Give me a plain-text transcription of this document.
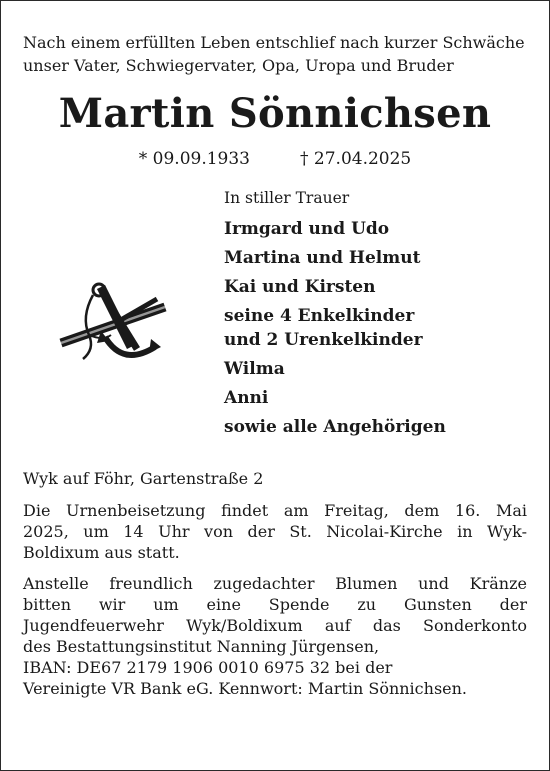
Nach einem erfüllten Leben entschlief nach kurzer Schwäche
unser Vater, Schwiegervater, Opa, Uropa und Bruder

Martin Sönnichsen
* 09.09.1933	† 27.04.2025

In stiller Trauer

Irmgard und Udo

Martina und Helmut

Kai und Kirsten

seine 4 Enkelkinder

und 2 Urenkelkinder

Wilma

Anni

sowie alle Angehörigen

Wyk auf Föhr, Gartenstraße 2

Die Urnenbeisetzung findet am Freitag, dem 16. Mai
2025, um 14 Uhr von der St. Nicolai-Kirche in Wyk-
Boldixum aus statt.

Anstelle freundlich zugedachter Blumen und Kränze
bitten wir um eine Spende zu Gunsten der
Jugendfeuerwehr Wyk/Boldixum auf das Sonderkonto
des Bestattungsinstitut Nanning Jürgensen,
IBAN: DE67 2179 1906 0010 6975 32 bei der
Vereinigte VR Bank eG. Kennwort: Martin Sönnichsen.
